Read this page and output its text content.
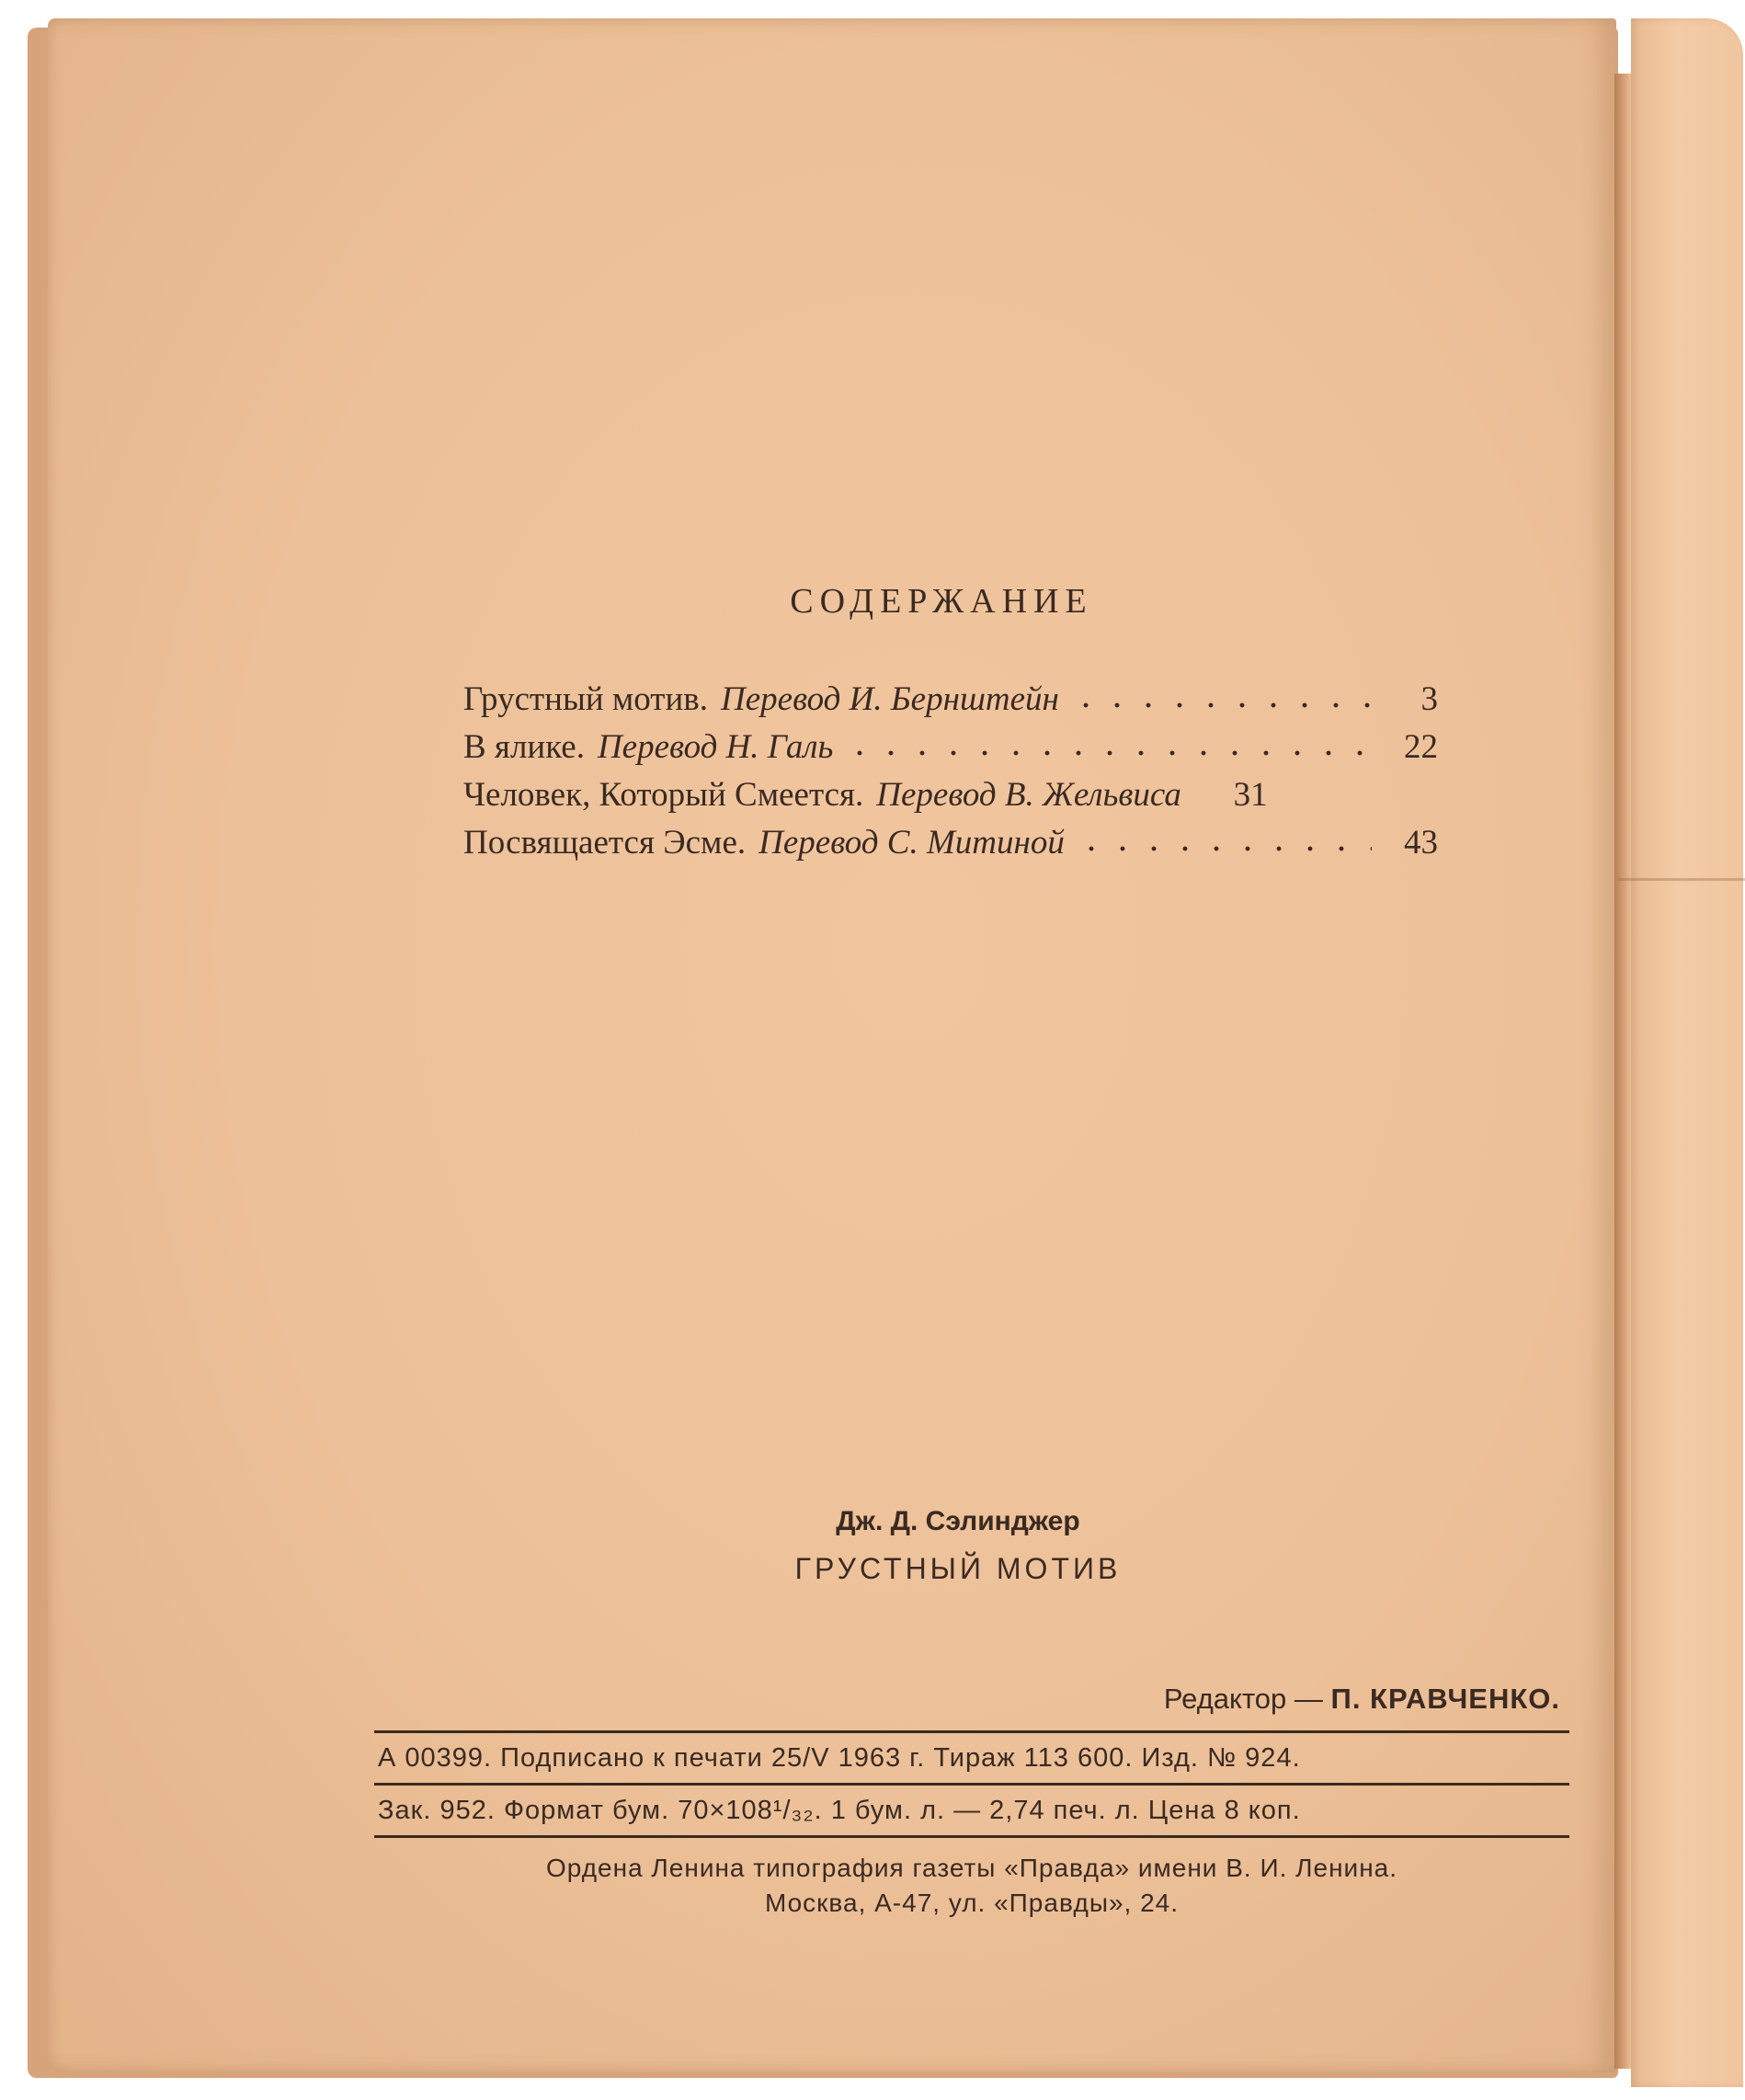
СОДЕРЖАНИЕ
Грустный мотив. Перевод И. Бернштейн	3
В ялике. Перевод Н. Галь	22
Человек, Который Смеется. Перевод В. Жельвиса	31
Посвящается Эсме. Перевод С. Митиной	43
Дж. Д. Сэлинджер
ГРУСТНЫЙ МОТИВ
Редактор — П. КРАВЧЕНКО.
А 00399. Подписано к печати 25/V 1963 г. Тираж 113 600. Изд. № 924.
Зак. 952. Формат бум. 70×108¹/₃₂. 1 бум. л. — 2,74 печ. л. Цена 8 коп.
Ордена Ленина типография газеты «Правда» имени В. И. Ленина.
Москва, А-47, ул. «Правды», 24.
